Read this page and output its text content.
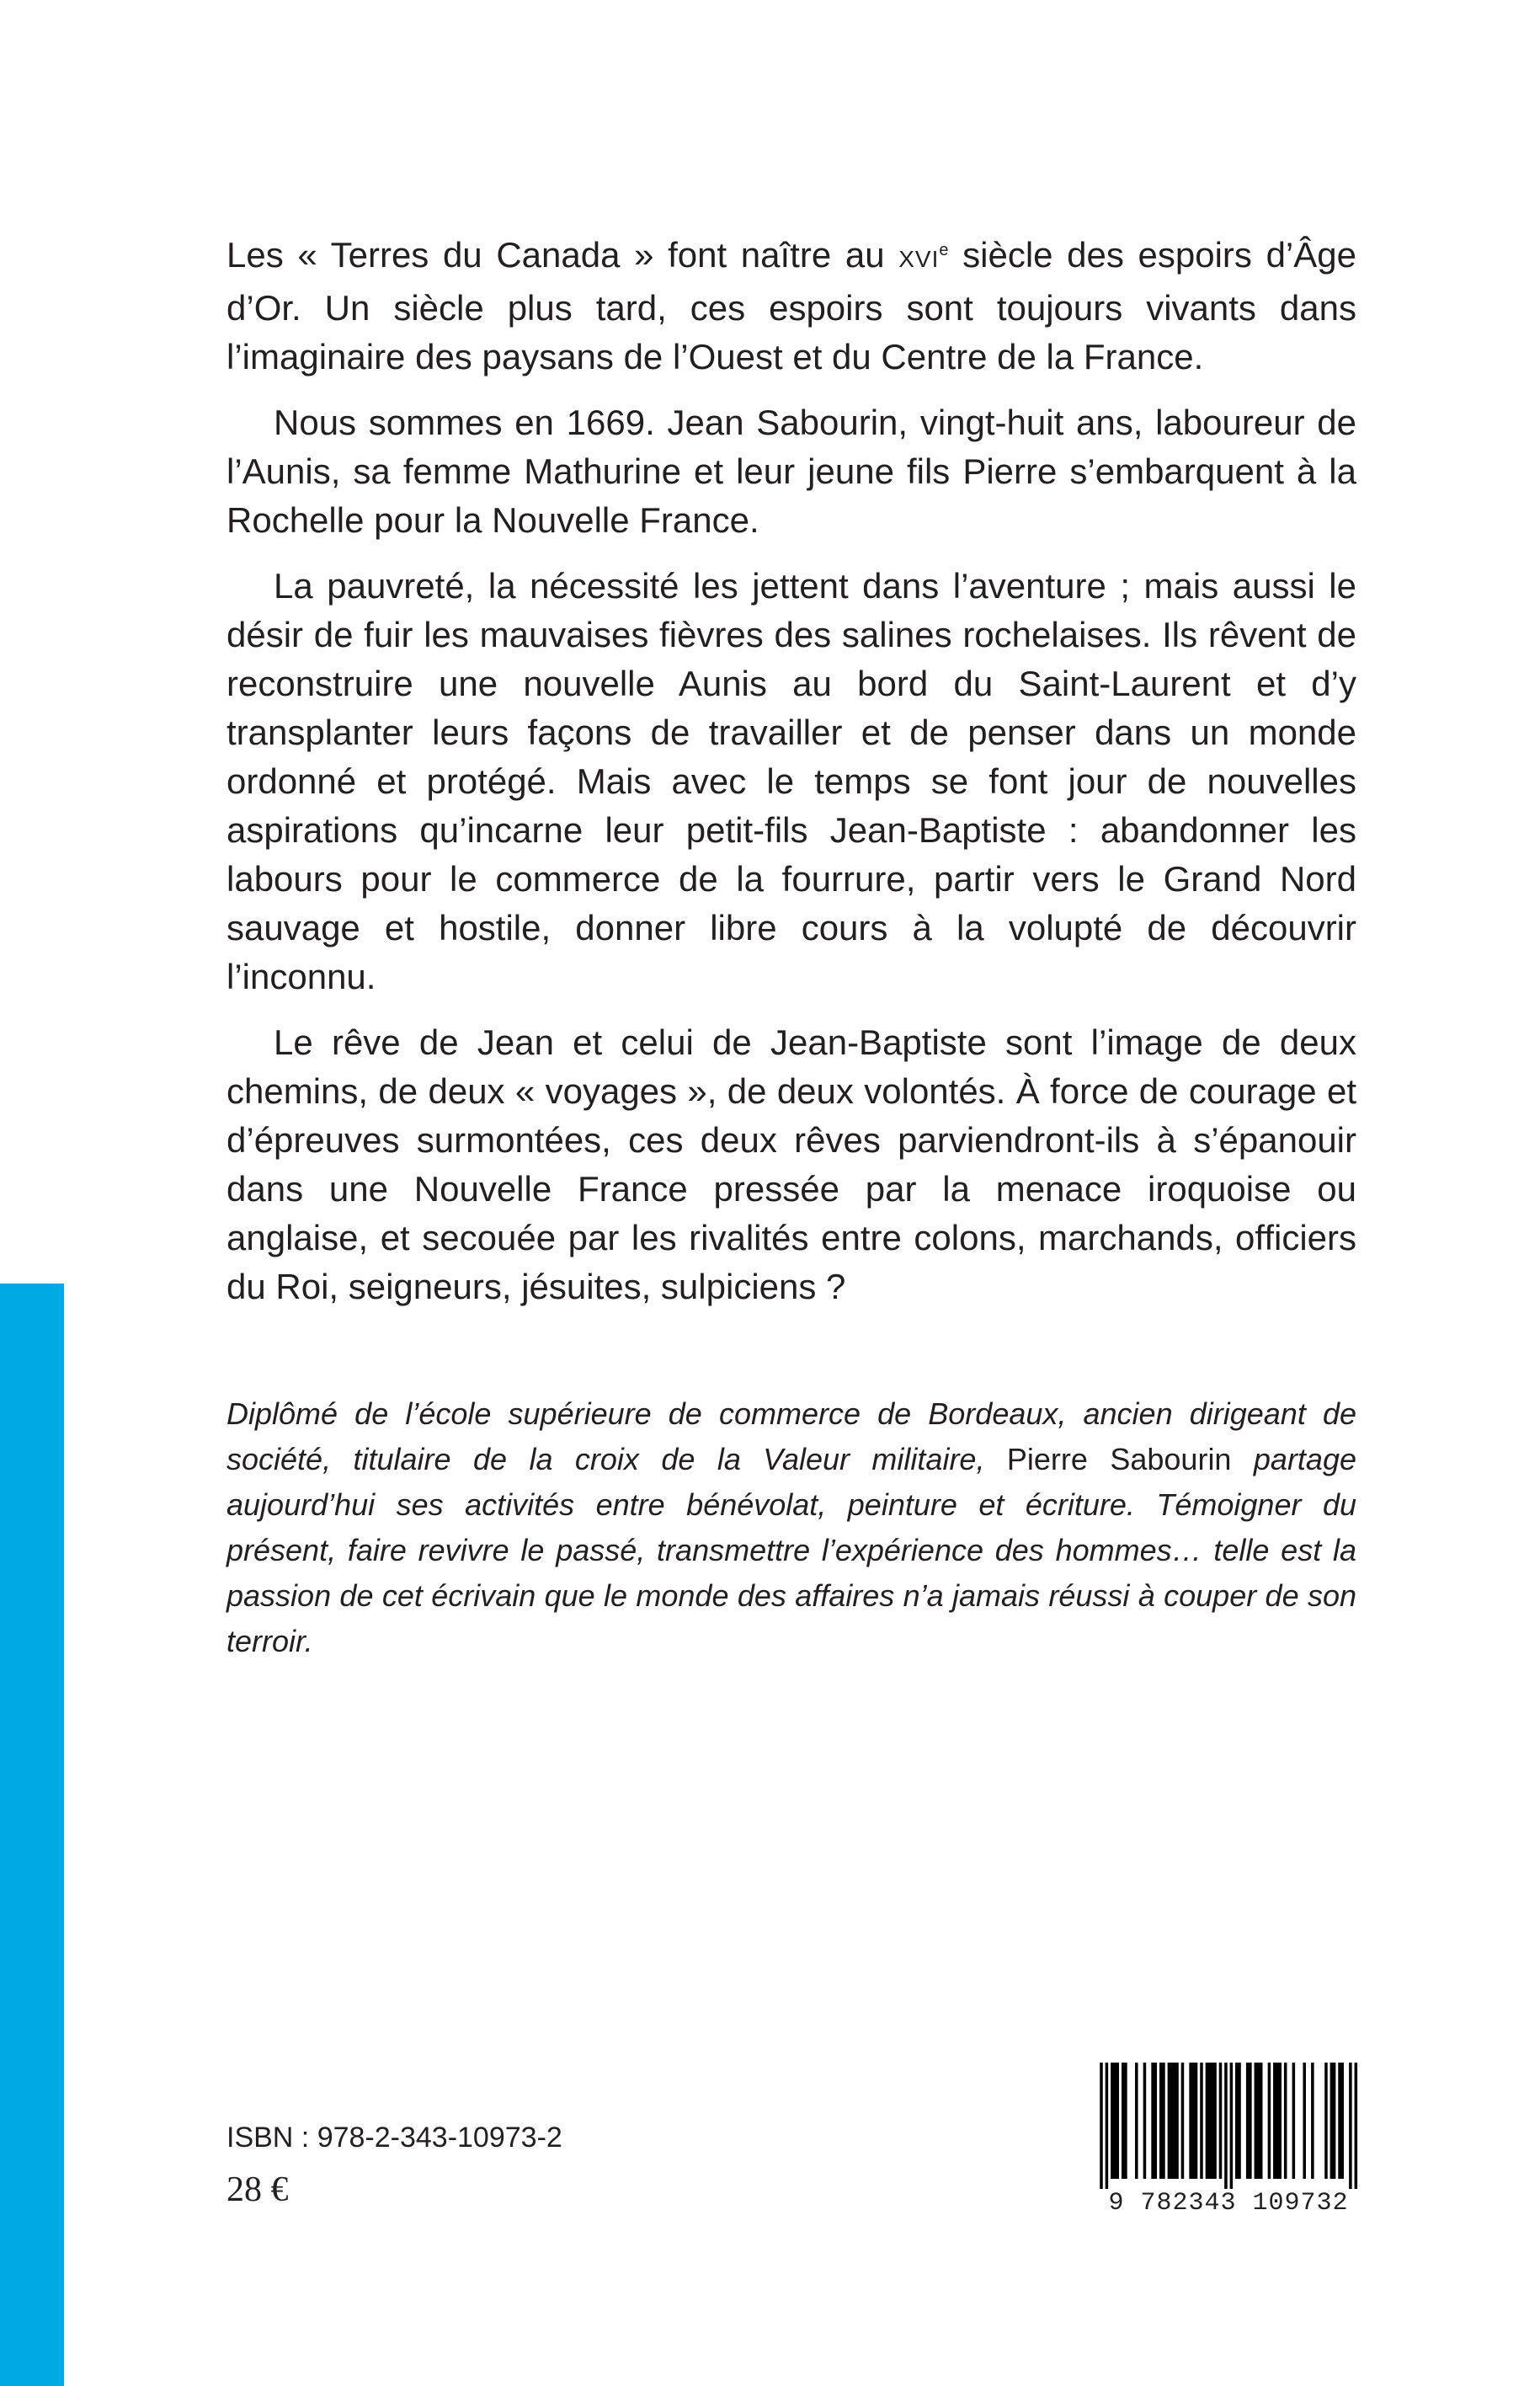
Les « Terres du Canada » font naître au XVIe siècle des espoirs d’Âge d’Or. Un siècle plus tard, ces espoirs sont toujours vivants dans l’imaginaire des paysans de l’Ouest et du Centre de la France.

Nous sommes en 1669. Jean Sabourin, vingt-huit ans, laboureur de l’Aunis, sa femme Mathurine et leur jeune fils Pierre s’embarquent à la Rochelle pour la Nouvelle France.

La pauvreté, la nécessité les jettent dans l’aventure ; mais aussi le désir de fuir les mauvaises fièvres des salines rochelaises. Ils rêvent de reconstruire une nouvelle Aunis au bord du Saint-Laurent et d’y transplanter leurs façons de travailler et de penser dans un monde ordonné et protégé. Mais avec le temps se font jour de nouvelles aspirations qu’incarne leur petit-fils Jean-Baptiste : abandonner les labours pour le commerce de la fourrure, partir vers le Grand Nord sauvage et hostile, donner libre cours à la volupté de découvrir l’inconnu.

Le rêve de Jean et celui de Jean-Baptiste sont l’image de deux chemins, de deux « voyages », de deux volontés. À force de courage et d’épreuves surmontées, ces deux rêves parviendront-ils à s’épanouir dans une Nouvelle France pressée par la menace iroquoise ou anglaise, et secouée par les rivalités entre colons, marchands, officiers du Roi, seigneurs, jésuites, sulpiciens ?

Diplômé de l’école supérieure de commerce de Bordeaux, ancien dirigeant de société, titulaire de la croix de la Valeur militaire, Pierre Sabourin partage aujourd’hui ses activités entre bénévolat, peinture et écriture. Témoigner du présent, faire revivre le passé, transmettre l’expérience des hommes… telle est la passion de cet écrivain que le monde des affaires n’a jamais réussi à couper de son terroir.

ISBN : 978-2-343-10973-2
28 €	9 782343 109732
